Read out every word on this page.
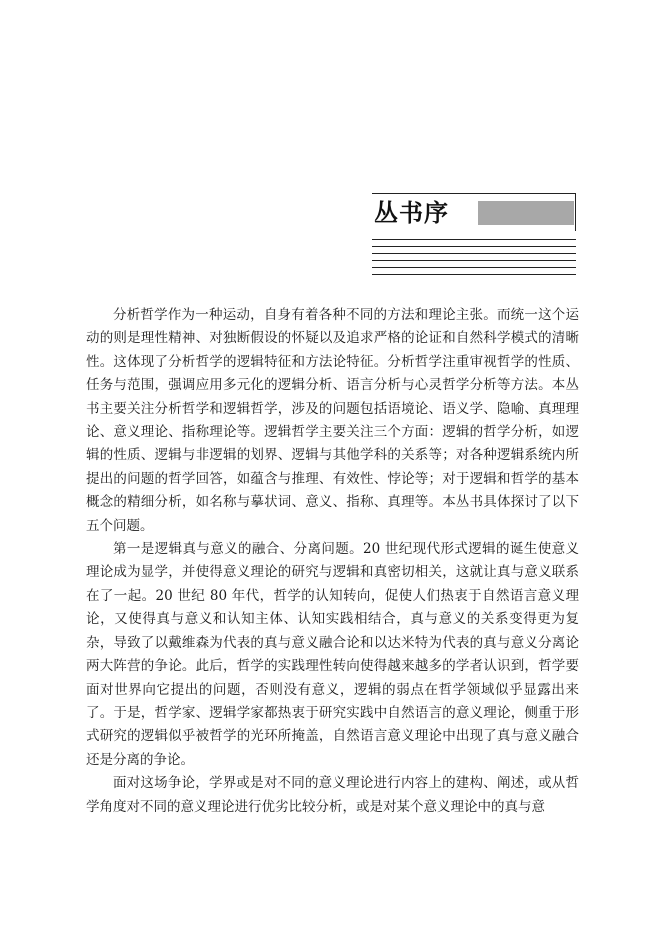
丛书序

分析哲学作为一种运动，自身有着各种不同的方法和理论主张。而统一这个运动的则是理性精神、对独断假设的怀疑以及追求严格的论证和自然科学模式的清晰性。这体现了分析哲学的逻辑特征和方法论特征。分析哲学注重审视哲学的性质、任务与范围，强调应用多元化的逻辑分析、语言分析与心灵哲学分析等方法。本丛书主要关注分析哲学和逻辑哲学，涉及的问题包括语境论、语义学、隐喻、真理理论、意义理论、指称理论等。逻辑哲学主要关注三个方面：逻辑的哲学分析，如逻辑的性质、逻辑与非逻辑的划界、逻辑与其他学科的关系等；对各种逻辑系统内所提出的问题的哲学回答，如蕴含与推理、有效性、悖论等；对于逻辑和哲学的基本概念的精细分析，如名称与摹状词、意义、指称、真理等。本丛书具体探讨了以下五个问题。

第一是逻辑真与意义的融合、分离问题。20 世纪现代形式逻辑的诞生使意义理论成为显学，并使得意义理论的研究与逻辑和真密切相关，这就让真与意义联系在了一起。20 世纪 80 年代，哲学的认知转向，促使人们热衷于自然语言意义理论，又使得真与意义和认知主体、认知实践相结合，真与意义的关系变得更为复杂，导致了以戴维森为代表的真与意义融合论和以达米特为代表的真与意义分离论两大阵营的争论。此后，哲学的实践理性转向使得越来越多的学者认识到，哲学要面对世界向它提出的问题，否则没有意义，逻辑的弱点在哲学领域似乎显露出来了。于是，哲学家、逻辑学家都热衷于研究实践中自然语言的意义理论，侧重于形式研究的逻辑似乎被哲学的光环所掩盖，自然语言意义理论中出现了真与意义融合还是分离的争论。

面对这场争论，学界或是对不同的意义理论进行内容上的建构、阐述，或从哲学角度对不同的意义理论进行优劣比较分析，或是对某个意义理论中的真与意
